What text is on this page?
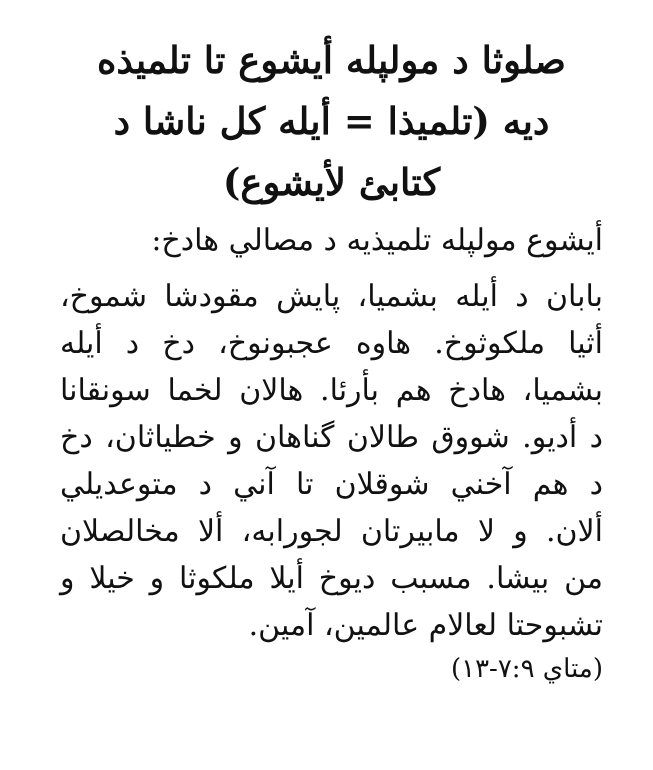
صلوثا د مولپله أيشوع تا تلميذه
ديه (تلميذا = أيله كل ناشا د
كتابئ لأيشوع)
أيشوع مولپله تلميذيه د مصالي هادخ:
بابان د أيله بشميا، پايش مقودشا شموخ،
أثيا ملكوثوخ. هاوه عجبونوخ، دخ د أيله
بشميا، هادخ هم بأرئا. هالان لخما سونقانا
د أديو. شووق طالان گناهان و خطياثان، دخ
د هم آخني شوقلان تا آني د متوعديلي
ألان. و لا مابيرتان لجورابه، ألا مخالصلان
من بيشا. مسبب ديوخ أيلا ملكوثا و خيلا و
تشبوحتا لعالام عالمين، آمين.
(متاي ٧:٩-١٣)
